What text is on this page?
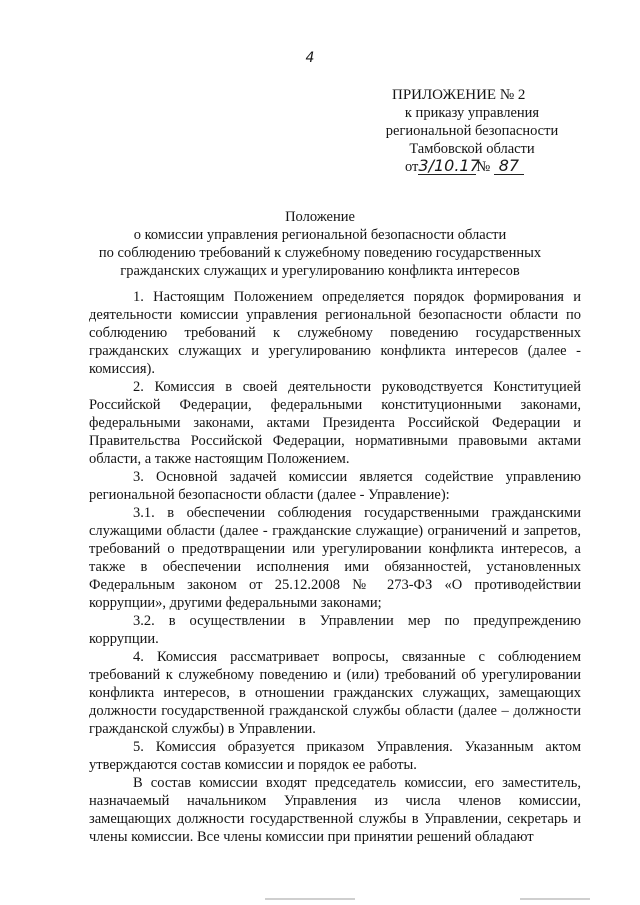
4
ПРИЛОЖЕНИЕ № 2
к приказу управления
региональной безопасности
Тамбовской области
от3/10.17№ 87
Положение
о комиссии управления региональной безопасности области
по соблюдению требований к служебному поведению государственных
гражданских служащих и урегулированию конфликта интересов

1. Настоящим Положением определяется порядок формирования и деятельности комиссии управления региональной безопасности области по соблюдению требований к служебному поведению государственных гражданских служащих и урегулированию конфликта интересов (далее - комиссия).

2. Комиссия в своей деятельности руководствуется Конституцией Российской Федерации, федеральными конституционными законами, федеральными законами, актами Президента Российской Федерации и Правительства Российской Федерации, нормативными правовыми актами области, а также настоящим Положением.

3. Основной задачей комиссии является содействие управлению региональной безопасности области (далее - Управление):

3.1. в обеспечении соблюдения государственными гражданскими служащими области (далее - гражданские служащие) ограничений и запретов, требований о предотвращении или урегулировании конфликта интересов, а также в обеспечении исполнения ими обязанностей, установленных Федеральным законом от 25.12.2008 № 273-ФЗ «О противодействии коррупции», другими федеральными законами;

3.2. в осуществлении в Управлении мер по предупреждению коррупции.

4. Комиссия рассматривает вопросы, связанные с соблюдением требований к служебному поведению и (или) требований об урегулировании конфликта интересов, в отношении гражданских служащих, замещающих должности государственной гражданской службы области (далее – должности гражданской службы) в Управлении.

5. Комиссия образуется приказом Управления. Указанным актом утверждаются состав комиссии и порядок ее работы.

В состав комиссии входят председатель комиссии, его заместитель, назначаемый начальником Управления из числа членов комиссии, замещающих должности государственной службы в Управлении, секретарь и члены комиссии. Все члены комиссии при принятии решений обладают
